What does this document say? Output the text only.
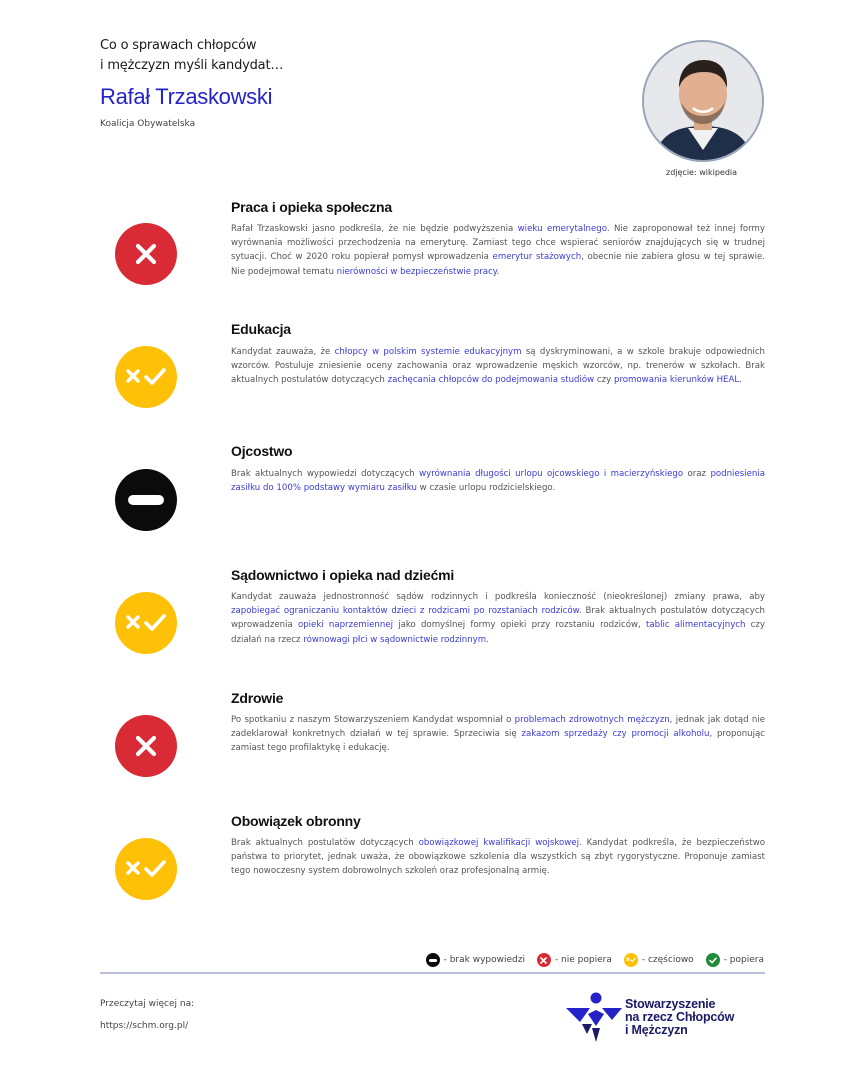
Co o sprawach chłopców
i mężczyzn myśli kandydat…
Rafał Trzaskowski
Koalicja Obywatelska
zdjęcie: wikipedia
Praca i opieka społeczna
Rafał Trzaskowski jasno podkreśla, że nie będzie podwyższenia wieku emerytalnego. Nie zaproponował też innej formy wyrównania możliwości przechodzenia na emeryturę. Zamiast tego chce wspierać seniorów znajdujących się w trudnej sytuacji. Choć w 2020 roku popierał pomysł wprowadzenia emerytur stażowych, obecnie nie zabiera głosu w tej sprawie. Nie podejmował tematu nierówności w bezpieczeństwie pracy.
Edukacja
Kandydat zauważa, że chłopcy w polskim systemie edukacyjnym są dyskryminowani, a w szkole brakuje odpowiednich wzorców. Postuluje zniesienie oceny zachowania oraz wprowadzenie męskich wzorców, np. trenerów w szkołach. Brak aktualnych postulatów dotyczących zachęcania chłopców do podejmowania studiów czy promowania kierunków HEAL.
Ojcostwo
Brak aktualnych wypowiedzi dotyczących wyrównania długości urlopu ojcowskiego i macierzyńskiego oraz podniesienia zasiłku do 100% podstawy wymiaru zasiłku w czasie urlopu rodzicielskiego.
Sądownictwo i opieka nad dziećmi
Kandydat zauważa jednostronność sądów rodzinnych i podkreśla konieczność (nieokreślonej) zmiany prawa, aby zapobiegać ograniczaniu kontaktów dzieci z rodzicami po rozstaniach rodziców. Brak aktualnych postulatów dotyczących wprowadzenia opieki naprzemiennej jako domyślnej formy opieki przy rozstaniu rodziców, tablic alimentacyjnych czy działań na rzecz równowagi płci w sądownictwie rodzinnym.
Zdrowie
Po spotkaniu z naszym Stowarzyszeniem Kandydat wspomniał o problemach zdrowotnych mężczyzn, jednak jak dotąd nie zadeklarował konkretnych działań w tej sprawie. Sprzeciwia się zakazom sprzedaży czy promocji alkoholu, proponując zamiast tego profilaktykę i edukację.
Obowiązek obronny
Brak aktualnych postulatów dotyczących obowiązkowej kwalifikacji wojskowej. Kandydat podkreśla, że bezpieczeństwo państwa to priorytet, jednak uważa, że obowiązkowe szkolenia dla wszystkich są zbyt rygorystyczne. Proponuje zamiast tego nowoczesny system dobrowolnych szkoleń oraz profesjonalną armię.
- brak wypowiedzi	- nie popiera	- częściowo	- popiera
Przeczytaj więcej na:
https://schm.org.pl/
Stowarzyszenie
na rzecz Chłopców
i Mężczyzn
